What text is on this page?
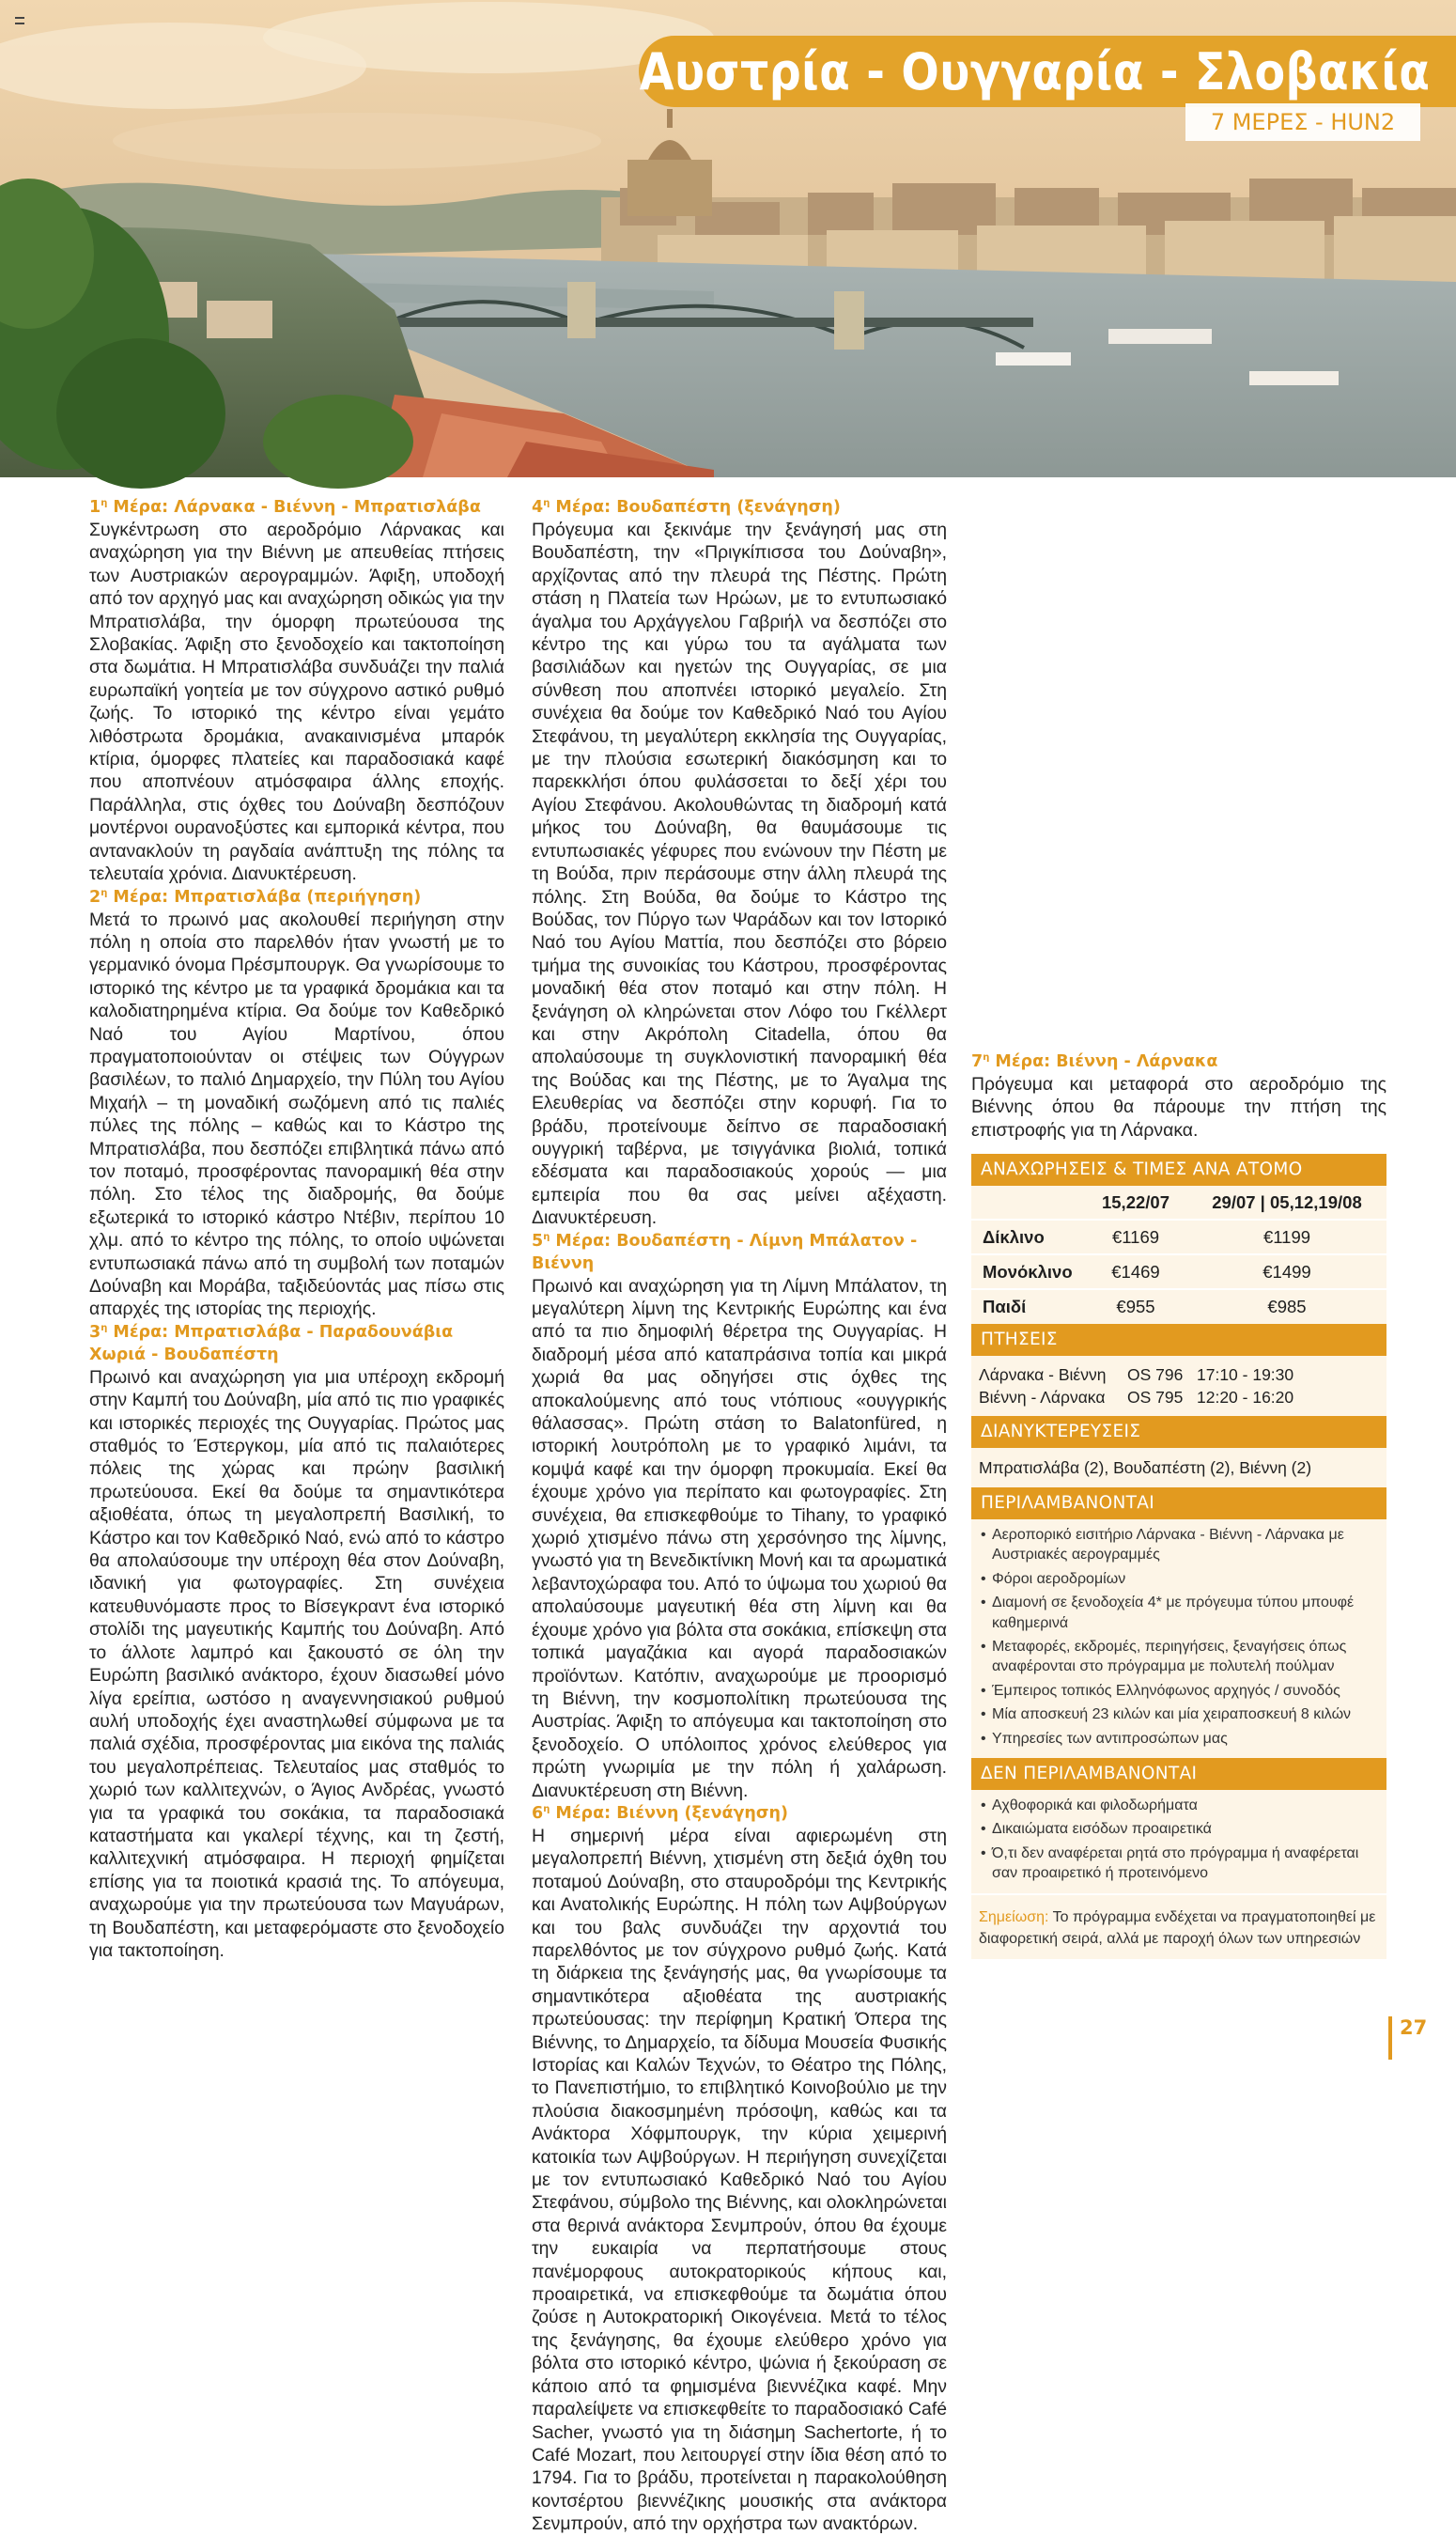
Αυστρία - Ουγγαρία - Σλοβακία
7 ΜΕΡΕΣ - HUN2
$1^\eta$ Μέρα: Λάρνακα - Βιέννη - Μπρατισλάβα

Συγκέντρωση στο αεροδρόμιο Λάρνακας και αναχώρηση για την Βιέννη με απευθείας πτήσεις των Αυστριακών αερογραμμών. Άφιξη, υποδοχή από τον αρχηγό μας και αναχώρηση οδικώς για την Μπρατισλάβα, την όμορφη πρωτεύουσα της Σλοβακίας. Άφιξη στο ξενοδοχείο και τακτοποίηση στα δωμάτια. Η Μπρατισλάβα συνδυάζει την παλιά ευρωπαϊκή γοητεία με τον σύγχρονο αστικό ρυθμό ζωής. Το ιστορικό της κέντρο είναι γεμάτο λιθόστρωτα δρομάκια, ανακαινισμένα μπαρόκ κτίρια, όμορφες πλατείες και παραδοσιακά καφέ που αποπνέουν ατμόσφαιρα άλλης εποχής. Παράλληλα, στις όχθες του Δούναβη δεσπόζουν μοντέρνοι ουρανοξύστες και εμπορικά κέντρα, που αντανακλούν τη ραγδαία ανάπτυξη της πόλης τα τελευταία χρόνια. Διανυκτέρευση.

$2^\eta$ Μέρα: Μπρατισλάβα (περιήγηση)

Μετά το πρωινό μας ακολουθεί περιήγηση στην πόλη η οποία στο παρελθόν ήταν γνωστή με το γερμανικό όνομα Πρέσμπουργκ. Θα γνωρίσουμε το ιστορικό της κέντρο με τα γραφικά δρομάκια και τα καλοδιατηρημένα κτίρια. Θα δούμε τον Καθεδρικό Ναό του Αγίου Μαρτίνου, όπου πραγματοποιούνταν οι στέψεις των Ούγγρων βασιλέων, το παλιό Δημαρχείο, την Πύλη του Αγίου Μιχαήλ – τη μοναδική σωζόμενη από τις παλιές πύλες της πόλης – καθώς και το Κάστρο της Μπρατισλάβα, που δεσπόζει επιβλητικά πάνω από τον ποταμό, προσφέροντας πανοραμική θέα στην πόλη. Στο τέλος της διαδρομής, θα δούμε εξωτερικά το ιστορικό κάστρο Ντέβιν, περίπου 10 χλμ. από το κέντρο της πόλης, το οποίο υψώνεται εντυπωσιακά πάνω από τη συμβολή των ποταμών Δούναβη και Μοράβα, ταξιδεύοντάς μας πίσω στις απαρχές της ιστορίας της περιοχής.

$3^\eta$ Μέρα: Μπρατισλάβα - Παραδουνάβια Χωριά - Βουδαπέστη

Πρωινό και αναχώρηση για μια υπέροχη εκδρομή στην Καμπή του Δούναβη, μία από τις πιο γραφικές και ιστορικές περιοχές της Ουγγαρίας. Πρώτος μας σταθμός το Έστεργκομ, μία από τις παλαιότερες πόλεις της χώρας και πρώην βασιλική πρωτεύουσα. Εκεί θα δούμε τα σημαντικότερα αξιοθέατα, όπως τη μεγαλοπρεπή Βασιλική, το Κάστρο και τον Καθεδρικό Ναό, ενώ από το κάστρο θα απολαύσουμε την υπέροχη θέα στον Δούναβη, ιδανική για φωτογραφίες. Στη συνέχεια κατευθυνόμαστε προς το Βίσεγκραντ ένα ιστορικό στολίδι της μαγευτικής Καμπής του Δούναβη. Από το άλλοτε λαμπρό και ξακουστό σε όλη την Ευρώπη βασιλικό ανάκτορο, έχουν διασωθεί μόνο λίγα ερείπια, ωστόσο η αναγεννησιακού ρυθμού αυλή υποδοχής έχει αναστηλωθεί σύμφωνα με τα παλιά σχέδια, προσφέροντας μια εικόνα της παλιάς του μεγαλοπρέπειας. Τελευταίος μας σταθμός το χωριό των καλλιτεχνών, ο Άγιος Ανδρέας, γνωστό για τα γραφικά του σοκάκια, τα παραδοσιακά καταστήματα και γκαλερί τέχνης, και τη ζεστή, καλλιτεχνική ατμόσφαιρα. Η περιοχή φημίζεται επίσης για τα ποιοτικά κρασιά της. Το απόγευμα, αναχωρούμε για την πρωτεύουσα των Μαγυάρων, τη Βουδαπέστη, και μεταφερόμαστε στο ξενοδοχείο για τακτοποίηση.

$4^\eta$ Μέρα: Βουδαπέστη (ξενάγηση)

Πρόγευμα και ξεκινάμε την ξενάγησή μας στη Βουδαπέστη, την «Πριγκίπισσα του Δούναβη», αρχίζοντας από την πλευρά της Πέστης. Πρώτη στάση η Πλατεία των Ηρώων, με το εντυπωσιακό άγαλμα του Αρχάγγελου Γαβριήλ να δεσπόζει στο κέντρο της και γύρω του τα αγάλματα των βασιλιάδων και ηγετών της Ουγγαρίας, σε μια σύνθεση που αποπνέει ιστορικό μεγαλείο. Στη συνέχεια θα δούμε τον Καθεδρικό Ναό του Αγίου Στεφάνου, τη μεγαλύτερη εκκλησία της Ουγγαρίας, με την πλούσια εσωτερική διακόσμηση και το παρεκκλήσι όπου φυλάσσεται το δεξί χέρι του Αγίου Στεφάνου. Ακολουθώντας τη διαδρομή κατά μήκος του Δούναβη, θα θαυμάσουμε τις εντυπωσιακές γέφυρες που ενώνουν την Πέστη με τη Βούδα, πριν περάσουμε στην άλλη πλευρά της πόλης. Στη Βούδα, θα δούμε το Κάστρο της Βούδας, τον Πύργο των Ψαράδων και τον Ιστορικό Ναό του Αγίου Ματτία, που δεσπόζει στο βόρειο τμήμα της συνοικίας του Κάστρου, προσφέροντας μοναδική θέα στον ποταμό και στην πόλη. Η ξενάγηση ολ κληρώνεται στον Λόφο του Γκέλλερτ και στην Ακρόπολη Citadella, όπου θα απολαύσουμε τη συγκλονιστική πανοραμική θέα της Βούδας και της Πέστης, με το Άγαλμα της Ελευθερίας να δεσπόζει στην κορυφή. Για το βράδυ, προτείνουμε δείπνο σε παραδοσιακή ουγγρική ταβέρνα, με τσιγγάνικα βιολιά, τοπικά εδέσματα και παραδοσιακούς χορούς — μια εμπειρία που θα σας μείνει αξέχαστη. Διανυκτέρευση.

$5^\eta$ Μέρα: Βουδαπέστη - Λίμνη Μπάλατον - Βιέννη

Πρωινό και αναχώρηση για τη Λίμνη Μπάλατον, τη μεγαλύτερη λίμνη της Κεντρικής Ευρώπης και ένα από τα πιο δημοφιλή θέρετρα της Ουγγαρίας. Η διαδρομή μέσα από καταπράσινα τοπία και μικρά χωριά θα μας οδηγήσει στις όχθες της αποκαλούμενης από τους ντόπιους «ουγγρικής θάλασσας». Πρώτη στάση το Balatonfüred, η ιστορική λουτρόπολη με το γραφικό λιμάνι, τα κομψά καφέ και την όμορφη προκυμαία. Εκεί θα έχουμε χρόνο για περίπατο και φωτογραφίες. Στη συνέχεια, θα επισκεφθούμε το Tihany, το γραφικό χωριό χτισμένο πάνω στη χερσόνησο της λίμνης, γνωστό για τη Βενεδικτίνικη Μονή και τα αρωματικά λεβαντοχώραφα του. Από το ύψωμα του χωριού θα απολαύσουμε μαγευτική θέα στη λίμνη και θα έχουμε χρόνο για βόλτα στα σοκάκια, επίσκεψη στα τοπικά μαγαζάκια και αγορά παραδοσιακών προϊόντων. Κατόπιν, αναχωρούμε με προορισμό τη Βιέννη, την κοσμοπολίτικη πρωτεύουσα της Αυστρίας. Άφιξη το απόγευμα και τακτοποίηση στο ξενοδοχείο. Ο υπόλοιπος χρόνος ελεύθερος για πρώτη γνωριμία με την πόλη ή χαλάρωση. Διανυκτέρευση στη Βιέννη.

$6^\eta$ Μέρα: Βιέννη (ξενάγηση)

Η σημερινή μέρα είναι αφιερωμένη στη μεγαλοπρεπή Βιέννη, χτισμένη στη δεξιά όχθη του ποταμού Δούναβη, στο σταυροδρόμι της Κεντρικής και Ανατολικής Ευρώπης. Η πόλη των Αψβούργων και του βαλς συνδυάζει την αρχοντιά του παρελθόντος με τον σύγχρονο ρυθμό ζωής. Κατά τη διάρκεια της ξενάγησής μας, θα γνωρίσουμε τα σημαντικότερα αξιοθέατα της αυστριακής πρωτεύουσας: την περίφημη Κρατική Όπερα της Βιέννης, το Δημαρχείο, τα δίδυμα Μουσεία Φυσικής Ιστορίας και Καλών Τεχνών, το Θέατρο της Πόλης, το Πανεπιστήμιο, το επιβλητικό Κοινοβούλιο με την πλούσια διακοσμημένη πρόσοψη, καθώς και τα Ανάκτορα Χόφμπουργκ, την κύρια χειμερινή κατοικία των Αψβούργων. Η περιήγηση συνεχίζεται με τον εντυπωσιακό Καθεδρικό Ναό του Αγίου Στεφάνου, σύμβολο της Βιέννης, και ολοκληρώνεται στα θερινά ανάκτορα Σενμπρούν, όπου θα έχουμε την ευκαιρία να περπατήσουμε στους πανέμορφους αυτοκρατορικούς κήπους και, προαιρετικά, να επισκεφθούμε τα δωμάτια όπου ζούσε η Αυτοκρατορική Οικογένεια. Μετά το τέλος της ξενάγησης, θα έχουμε ελεύθερο χρόνο για βόλτα στο ιστορικό κέντρο, ψώνια ή ξεκούραση σε κάποιο από τα φημισμένα βιεννέζικα καφέ. Μην παραλείψετε να επισκεφθείτε το παραδοσιακό Café Sacher, γνωστό για τη διάσημη Sachertorte, ή το Café Mozart, που λειτουργεί στην ίδια θέση από το 1794. Για το βράδυ, προτείνεται η παρακολούθηση κοντσέρτου βιεννέζικης μουσικής στα ανάκτορα Σενμπρούν, από την ορχήστρα των ανακτόρων.

$7^\eta$ Μέρα: Βιέννη - Λάρνακα

Πρόγευμα και μεταφορά στο αεροδρόμιο της Βιέννης όπου θα πάρουμε την πτήση της επιστροφής για τη Λάρνακα.

ΑΝΑΧΩΡΗΣΕΙΣ & ΤΙΜΕΣ ΑΝΑ ΑΤΟΜΟ
	15,22/07	29/07 | 05,12,19/08
Δίκλινο	€1169	€1199
Μονόκλινο	€1469	€1499
Παιδί	€955	€985
ΠΤΗΣΕΙΣ
Λάρνακα - Βιέννη	OS 796 17:10 - 19:30
Βιέννη - Λάρνακα	OS 795 12:20 - 16:20
ΔΙΑΝΥΚΤΕΡΕΥΣΕΙΣ
Μπρατισλάβα (2), Βουδαπέστη (2), Βιέννη (2)
ΠΕΡΙΛΑΜΒΑΝΟΝΤΑΙ
• Αεροπορικό εισιτήριο Λάρνακα - Βιέννη - Λάρνακα με Αυστριακές αερογραμμές
• Φόροι αεροδρομίων
• Διαμονή σε ξενοδοχεία 4* με πρόγευμα τύπου μπουφέ καθημερινά
• Μεταφορές, εκδρομές, περιηγήσεις, ξεναγήσεις όπως αναφέρονται στο πρόγραμμα με πολυτελή πούλμαν
• Έμπειρος τοπικός Ελληνόφωνος αρχηγός / συνοδός
• Μία αποσκευή 23 κιλών και μία χειραποσκευή 8 κιλών
• Υπηρεσίες των αντιπροσώπων μας
ΔΕΝ ΠΕΡΙΛΑΜΒΑΝΟΝΤΑΙ
• Αχθοφορικά και φιλοδωρήματα
• Δικαιώματα εισόδων προαιρετικά
• Ό,τι δεν αναφέρεται ρητά στο πρόγραμμα ή αναφέρεται σαν προαιρετικό ή προτεινόμενο
Σημείωση: Το πρόγραμμα ενδέχεται να πραγματοποιηθεί με διαφορετική σειρά, αλλά με παροχή όλων των υπηρεσιών
27
